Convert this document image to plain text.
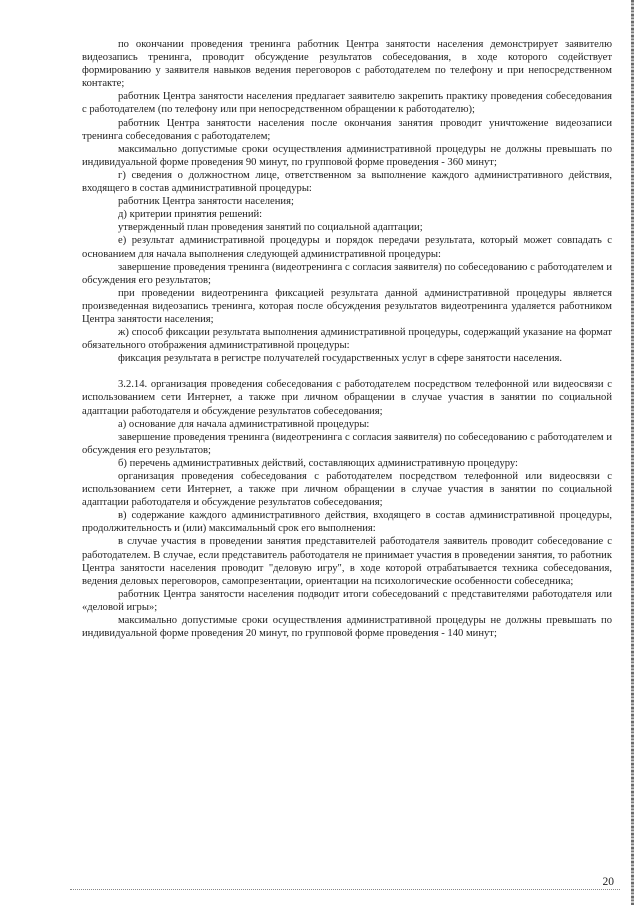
по окончании проведения тренинга работник Центра занятости населения демонстрирует заявителю видеозапись тренинга, проводит обсуждение результатов собеседования, в ходе которого содействует формированию у заявителя навыков ведения переговоров с работодателем по телефону и при непосредственном контакте;

работник Центра занятости населения предлагает заявителю закрепить практику проведения собеседования с работодателем (по телефону или при непосредственном обращении к работодателю);

работник Центра занятости населения после окончания занятия проводит уничтожение видеозаписи тренинга собеседования с работодателем;

максимально допустимые сроки осуществления административной процедуры не должны превышать по индивидуальной форме проведения 90 минут, по групповой форме проведения - 360 минут;

г) сведения о должностном лице, ответственном за выполнение каждого административного действия, входящего в состав административной процедуры:

работник Центра занятости населения;

д) критерии принятия решений:

утвержденный план проведения занятий по социальной адаптации;

е) результат административной процедуры и порядок передачи результата, который может совпадать с основанием для начала выполнения следующей административной процедуры:

завершение проведения тренинга (видеотренинга с согласия заявителя) по собеседованию с работодателем и обсуждения его результатов;

при проведении видеотренинга фиксацией результата данной административной процедуры является произведенная видеозапись тренинга, которая после обсуждения результатов видеотренинга удаляется работником Центра занятости населения;

ж) способ фиксации результата выполнения административной процедуры, содержащий указание на формат обязательного отображения административной процедуры:

фиксация результата в регистре получателей государственных услуг в сфере занятости населения.

3.2.14. организация проведения собеседования с работодателем посредством телефонной или видеосвязи с использованием сети Интернет, а также при личном обращении в случае участия в занятии по социальной адаптации работодателя и обсуждение результатов собеседования;

а) основание для начала административной процедуры:

завершение проведения тренинга (видеотренинга с согласия заявителя) по собеседованию с работодателем и обсуждения его результатов;

б) перечень административных действий, составляющих административную процедуру:

организация проведения собеседования с работодателем посредством телефонной или видеосвязи с использованием сети Интернет, а также при личном обращении в случае участия в занятии по социальной адаптации работодателя и обсуждение результатов собеседования;

в) содержание каждого административного действия, входящего в состав административной процедуры, продолжительность и (или) максимальный срок его выполнения:

в случае участия в проведении занятия представителей работодателя заявитель проводит собеседование с работодателем. В случае, если представитель работодателя не принимает участия в проведении занятия, то работник Центра занятости населения проводит "деловую игру", в ходе которой отрабатывается техника собеседования, ведения деловых переговоров, самопрезентации, ориентации на психологические особенности собеседника;

работник Центра занятости населения подводит итоги собеседований с представителями работодателя или «деловой игры»;

максимально допустимые сроки осуществления административной процедуры не должны превышать по индивидуальной форме проведения 20 минут, по групповой форме проведения - 140 минут;

20
